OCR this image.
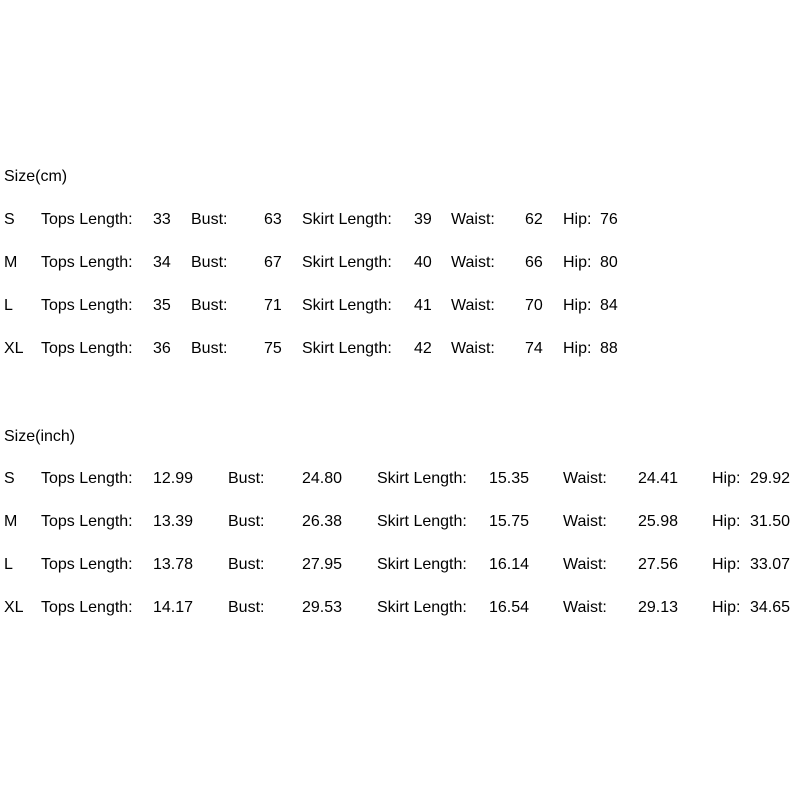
Size(cm)
S Tops Length: 33 Bust: 63 Skirt Length: 39 Waist: 62 Hip: 76
M Tops Length: 34 Bust: 67 Skirt Length: 40 Waist: 66 Hip: 80
L Tops Length: 35 Bust: 71 Skirt Length: 41 Waist: 70 Hip: 84
XL Tops Length: 36 Bust: 75 Skirt Length: 42 Waist: 74 Hip: 88
Size(inch)
S Tops Length: 12.99 Bust: 24.80 Skirt Length: 15.35 Waist: 24.41 Hip: 29.92
M Tops Length: 13.39 Bust: 26.38 Skirt Length: 15.75 Waist: 25.98 Hip: 31.50
L Tops Length: 13.78 Bust: 27.95 Skirt Length: 16.14 Waist: 27.56 Hip: 33.07
XL Tops Length: 14.17 Bust: 29.53 Skirt Length: 16.54 Waist: 29.13 Hip: 34.65
